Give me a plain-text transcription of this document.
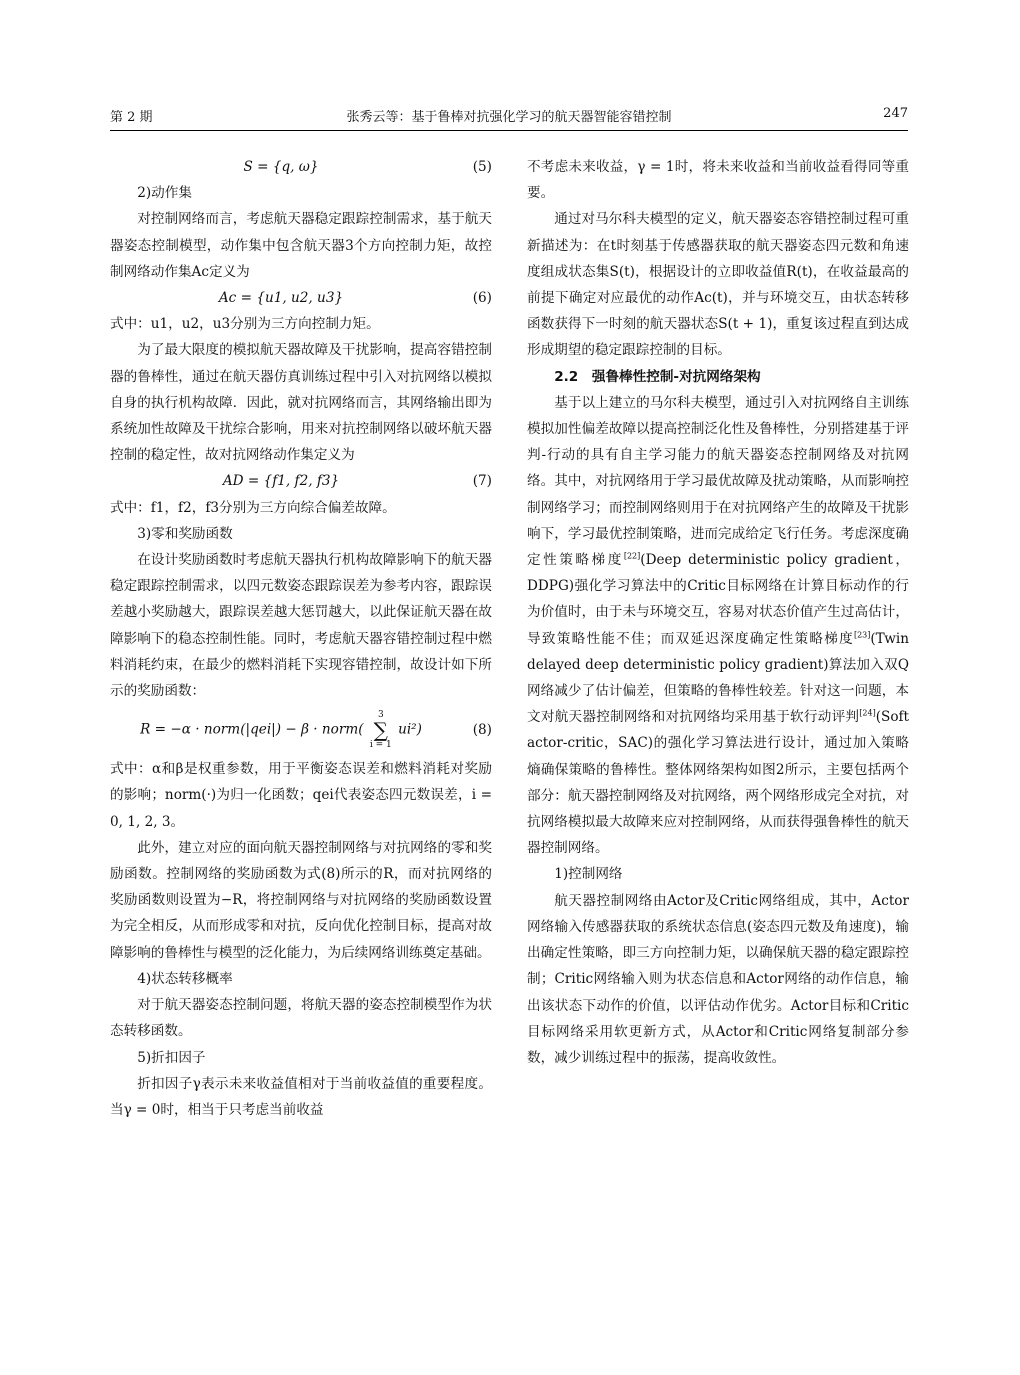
第 2 期	张秀云等：基于鲁棒对抗强化学习的航天器智能容错控制	247
S = {q, ω}	(5)

2)动作集

对控制网络而言，考虑航天器稳定跟踪控制需求，基于航天器姿态控制模型，动作集中包含航天器3个方向控制力矩，故控制网络动作集Ac定义为

Ac = {u1, u2, u3}	(6)

式中：u1，u2，u3分别为三方向控制力矩。

为了最大限度的模拟航天器故障及干扰影响，提高容错控制器的鲁棒性，通过在航天器仿真训练过程中引入对抗网络以模拟自身的执行机构故障．因此，就对抗网络而言，其网络输出即为系统加性故障及干扰综合影响，用来对抗控制网络以破坏航天器控制的稳定性，故对抗网络动作集定义为

AD = {f1, f2, f3}	(7)

式中：f1，f2，f3分别为三方向综合偏差故障。

3)零和奖励函数

在设计奖励函数时考虑航天器执行机构故障影响下的航天器稳定跟踪控制需求，以四元数姿态跟踪误差为参考内容，跟踪误差越小奖励越大，跟踪误差越大惩罚越大，以此保证航天器在故障影响下的稳态控制性能。同时，考虑航天器容错控制过程中燃料消耗约束，在最少的燃料消耗下实现容错控制，故设计如下所示的奖励函数：

R = −α · norm(|qei|) − β · norm(
3
∑
i = 1
ui²)	(8)

式中：α和β是权重参数，用于平衡姿态误差和燃料消耗对奖励的影响；norm(·)为归一化函数；qei代表姿态四元数误差，i = 0, 1, 2, 3。

此外，建立对应的面向航天器控制网络与对抗网络的零和奖励函数。控制网络的奖励函数为式(8)所示的R，而对抗网络的奖励函数则设置为−R，将控制网络与对抗网络的奖励函数设置为完全相反，从而形成零和对抗，反向优化控制目标，提高对故障影响的鲁棒性与模型的泛化能力，为后续网络训练奠定基础。

4)状态转移概率

对于航天器姿态控制问题，将航天器的姿态控制模型作为状态转移函数。

5)折扣因子

折扣因子γ表示未来收益值相对于当前收益值的重要程度。当γ = 0时，相当于只考虑当前收益

不考虑未来收益，γ = 1时，将未来收益和当前收益看得同等重要。

通过对马尔科夫模型的定义，航天器姿态容错控制过程可重新描述为：在t时刻基于传感器获取的航天器姿态四元数和角速度组成状态集S(t)，根据设计的立即收益值R(t)，在收益最高的前提下确定对应最优的动作Ac(t)，并与环境交互，由状态转移函数获得下一时刻的航天器状态S(t + 1)，重复该过程直到达成形成期望的稳定跟踪控制的目标。

2.2　强鲁棒性控制-对抗网络架构

基于以上建立的马尔科夫模型，通过引入对抗网络自主训练模拟加性偏差故障以提高控制泛化性及鲁棒性，分别搭建基于评判-行动的具有自主学习能力的航天器姿态控制网络及对抗网络。其中，对抗网络用于学习最优故障及扰动策略，从而影响控制网络学习；而控制网络则用于在对抗网络产生的故障及干扰影响下，学习最优控制策略，进而完成给定飞行任务。考虑深度确定性策略梯度[22](Deep deterministic policy gradient，DDPG)强化学习算法中的Critic目标网络在计算目标动作的行为价值时，由于未与环境交互，容易对状态价值产生过高估计，导致策略性能不佳；而双延迟深度确定性策略梯度[23](Twin delayed deep deterministic policy gradient)算法加入双Q网络减少了估计偏差，但策略的鲁棒性较差。针对这一问题，本文对航天器控制网络和对抗网络均采用基于软行动评判[24](Soft actor-critic，SAC)的强化学习算法进行设计，通过加入策略熵确保策略的鲁棒性。整体网络架构如图2所示，主要包括两个部分：航天器控制网络及对抗网络，两个网络形成完全对抗，对抗网络模拟最大故障来应对控制网络，从而获得强鲁棒性的航天器控制网络。

1)控制网络

航天器控制网络由Actor及Critic网络组成，其中，Actor网络输入传感器获取的系统状态信息(姿态四元数及角速度)，输出确定性策略，即三方向控制力矩，以确保航天器的稳定跟踪控制；Critic网络输入则为状态信息和Actor网络的动作信息，输出该状态下动作的价值，以评估动作优劣。Actor目标和Critic目标网络采用软更新方式，从Actor和Critic网络复制部分参数，减少训练过程中的振荡，提高收敛性。
